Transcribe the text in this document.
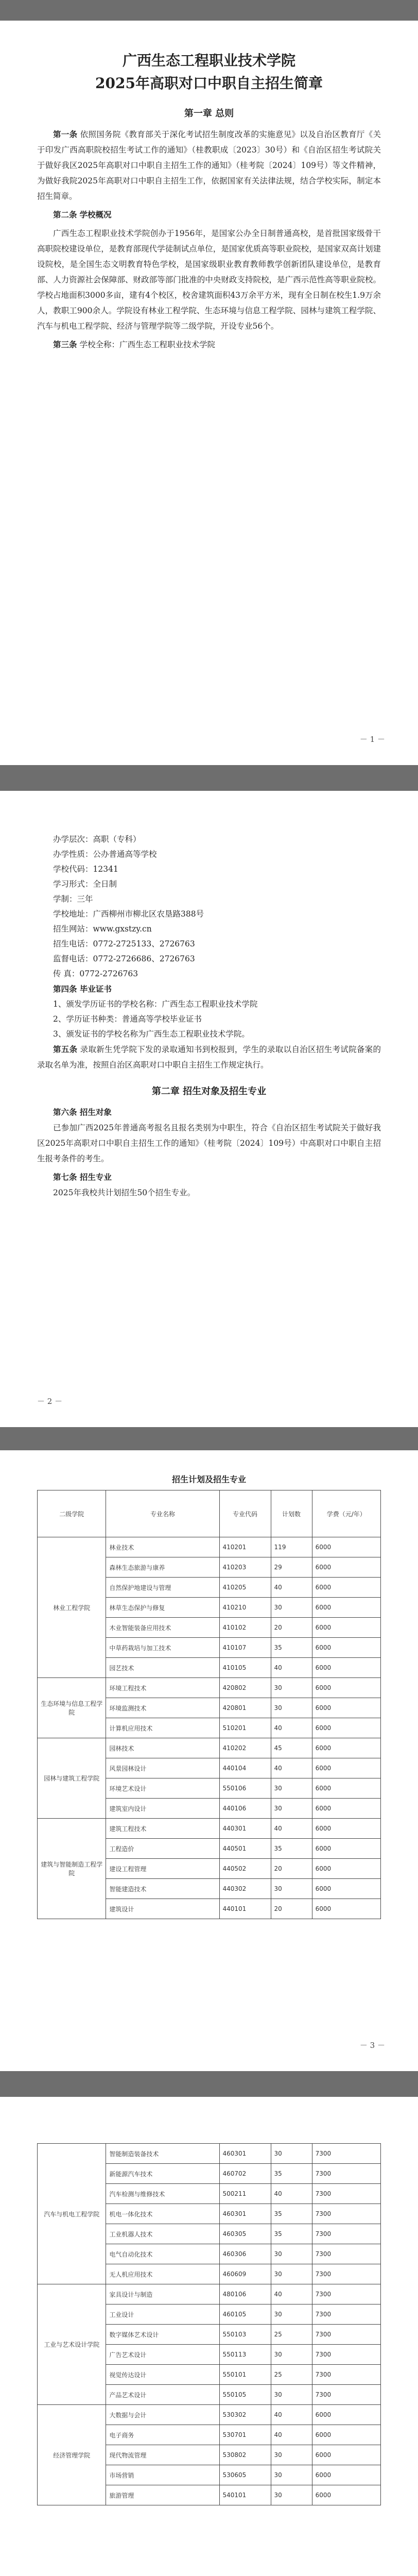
广西生态工程职业技术学院
2025年高职对口中职自主招生简章
第一章 总则

第一条 依照国务院《教育部关于深化考试招生制度改革的实施意见》以及自治区教育厅《关于印发广西高职院校招生考试工作的通知》（桂教职成〔2023〕30号）和《自治区招生考试院关于做好我区2025年高职对口中职自主招生工作的通知》（桂考院〔2024〕109号）等文件精神，为做好我院2025年高职对口中职自主招生工作，依据国家有关法律法规，结合学校实际，制定本招生简章。

第二条 学校概况

广西生态工程职业技术学院创办于1956年，是国家公办全日制普通高校，是首批国家级骨干高职院校建设单位，是教育部现代学徒制试点单位，是国家优质高等职业院校，是国家双高计划建设院校，是全国生态文明教育特色学校，是国家级职业教育教师教学创新团队建设单位，是教育部、人力资源社会保障部、财政部等部门批准的中央财政支持院校，是广西示范性高等职业院校。学校占地面积3000多亩，建有4个校区，校舍建筑面积43万余平方米，现有全日制在校生1.9万余人，教职工900余人。学院设有林业工程学院、生态环境与信息工程学院、园林与建筑工程学院、汽车与机电工程学院、经济与管理学院等二级学院，开设专业56个。

第三条 学校全称：广西生态工程职业技术学院

－ 1 －

办学层次：高职（专科）

办学性质：公办普通高等学校

学校代码：12341

学习形式：全日制

学制：三年

学校地址：广西柳州市柳北区农垦路388号

招生网站：www.gxstzy.cn

招生电话：0772-2725133、2726763

监督电话：0772-2726686、2726763

传 真：0772-2726763

第四条 毕业证书

1、颁发学历证书的学校名称：广西生态工程职业技术学院

2、学历证书种类：普通高等学校毕业证书

3、颁发证书的学校名称为广西生态工程职业技术学院。

第五条 录取新生凭学院下发的录取通知书到校报到，学生的录取以自治区招生考试院备案的录取名单为准，按照自治区高职对口中职自主招生工作规定执行。

第二章 招生对象及招生专业

第六条 招生对象

已参加广西2025年普通高考报名且报名类别为中职生，符合《自治区招生考试院关于做好我区2025年高职对口中职自主招生工作的通知》（桂考院〔2024〕109号）中高职对口中职自主招生报考条件的考生。

第七条 招生专业

2025年我校共计划招生50个招生专业。

－ 2 －
招生计划及招生专业
二级学院	专业名称	专业代码	计划数	学费（元/年）
林业工程学院	林业技术	410201	119	6000
	森林生态旅游与康养	410203	29	6000
	自然保护地建设与管理	410205	40	6000
	林草生态保护与修复	410210	30	6000
	木业智能装备应用技术	410102	20	6000
	中草药栽培与加工技术	410107	35	6000
	园艺技术	410105	40	6000
生态环境与信息工程学院	环境工程技术	420802	30	6000
	环境监测技术	420801	30	6000
	计算机应用技术	510201	40	6000
园林与建筑工程学院	园林技术	410202	45	6000
	风景园林设计	440104	40	6000
	环境艺术设计	550106	30	6000
	建筑室内设计	440106	30	6000
建筑与智能制造工程学院	建筑工程技术	440301	40	6000
	工程造价	440501	35	6000
	建设工程管理	440502	20	6000
	智能建造技术	440302	30	6000
	建筑设计	440101	20	6000
－ 3 －
汽车与机电工程学院	智能制造装备技术	460301	30	7300
	新能源汽车技术	460702	35	7300
	汽车检测与维修技术	500211	40	7300
	机电一体化技术	460301	35	7300
	工业机器人技术	460305	35	7300
	电气自动化技术	460306	30	7300
	无人机应用技术	460609	30	7300
工业与艺术设计学院	家具设计与制造	480106	40	7300
	工业设计	460105	30	7300
	数字媒体艺术设计	550103	25	7300
	广告艺术设计	550113	30	7300
	视觉传达设计	550101	25	7300
	产品艺术设计	550105	30	7300
经济管理学院	大数据与会计	530302	40	6000
	电子商务	530701	40	6000
	现代物流管理	530802	30	6000
	市场营销	530605	30	6000
	旅游管理	540101	30	6000
